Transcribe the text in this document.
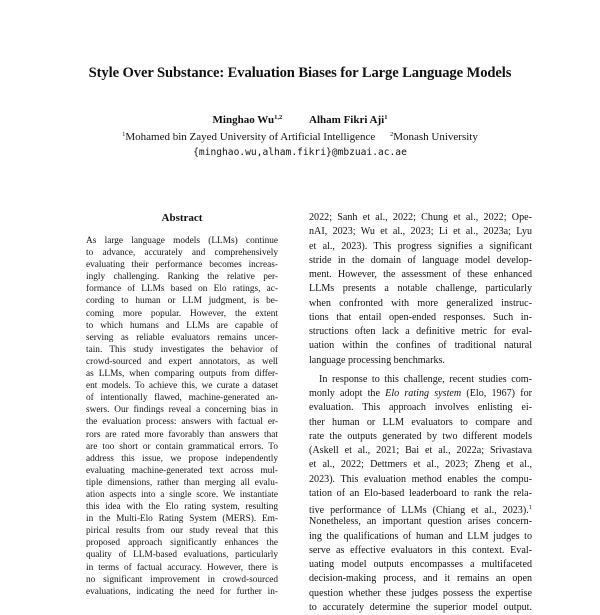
Style Over Substance: Evaluation Biases for Large Language Models
Minghao Wu$^{1,2}$ Alham Fikri Aji$^1$
$^1$Mohamed bin Zayed University of Artificial Intelligence $^2$Monash University
{minghao.wu,alham.fikri}@mbzuai.ac.ae
Abstract
As large language models (LLMs) continue
to advance, accurately and comprehensively
evaluating their performance becomes increas-
ingly challenging. Ranking the relative per-
formance of LLMs based on Elo ratings, ac-
cording to human or LLM judgment, is be-
coming more popular. However, the extent
to which humans and LLMs are capable of
serving as reliable evaluators remains uncer-
tain. This study investigates the behavior of
crowd-sourced and expert annotators, as well
as LLMs, when comparing outputs from differ-
ent models. To achieve this, we curate a dataset
of intentionally flawed, machine-generated an-
swers. Our findings reveal a concerning bias in
the evaluation process: answers with factual er-
rors are rated more favorably than answers that
are too short or contain grammatical errors. To
address this issue, we propose independently
evaluating machine-generated text across mul-
tiple dimensions, rather than merging all evalu-
ation aspects into a single score. We instantiate
this idea with the Elo rating system, resulting
in the Multi-Elo Rating System (MERS). Em-
pirical results from our study reveal that this
proposed approach significantly enhances the
quality of LLM-based evaluations, particularly
in terms of factual accuracy. However, there is
no significant improvement in crowd-sourced
evaluations, indicating the need for further in-
2022; Sanh et al., 2022; Chung et al., 2022; Ope-
nAI, 2023; Wu et al., 2023; Li et al., 2023a; Lyu
et al., 2023). This progress signifies a significant
stride in the domain of language model develop-
ment. However, the assessment of these enhanced
LLMs presents a notable challenge, particularly
when confronted with more generalized instruc-
tions that entail open-ended responses. Such in-
structions often lack a definitive metric for eval-
uation within the confines of traditional natural
language processing benchmarks.
In response to this challenge, recent studies com-
monly adopt the Elo rating system (Elo, 1967) for
evaluation. This approach involves enlisting ei-
ther human or LLM evaluators to compare and
rate the outputs generated by two different models
(Askell et al., 2021; Bai et al., 2022a; Srivastava
et al., 2022; Dettmers et al., 2023; Zheng et al.,
2023). This evaluation method enables the compu-
tation of an Elo-based leaderboard to rank the rela-
tive performance of LLMs (Chiang et al., 2023).$^1$
Nonetheless, an important question arises concern-
ing the qualifications of human and LLM judges to
serve as effective evaluators in this context. Eval-
uating model outputs encompasses a multifaceted
decision-making process, and it remains an open
question whether these judges possess the expertise
to accurately determine the superior model output.
